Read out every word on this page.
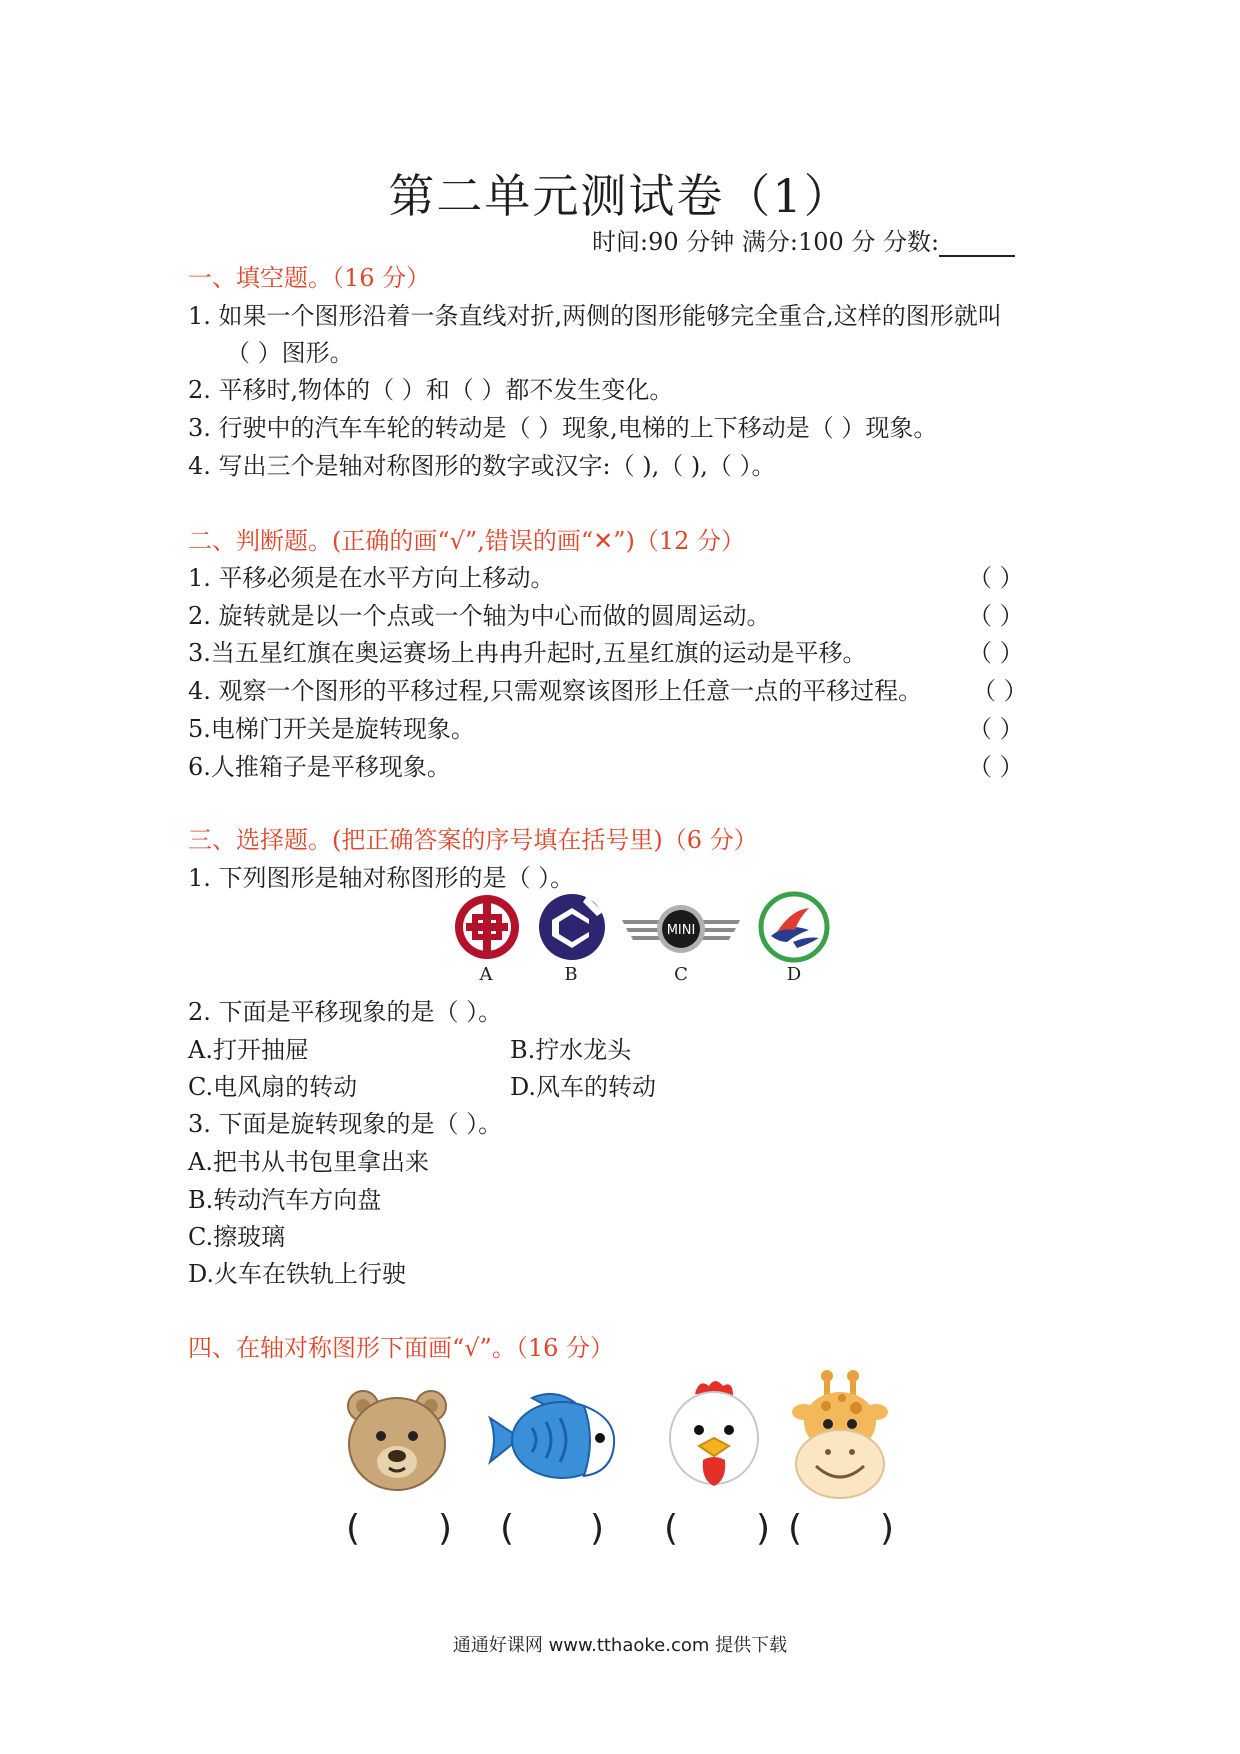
第二单元测试卷（1）
时间:90 分钟 满分:100 分 分数:
一、填空题。（16 分）
1. 如果一个图形沿着一条直线对折,两侧的图形能够完全重合,这样的图形就叫
（ ）图形。
2. 平移时,物体的（ ）和（ ）都不发生变化。
3. 行驶中的汽车车轮的转动是（ ）现象,电梯的上下移动是（ ）现象。
4. 写出三个是轴对称图形的数字或汉字:（ ),（ ),（ ）。
二、判断题。(正确的画“√”,错误的画“✕”)（12 分）
1. 平移必须是在水平方向上移动。	（ ）
2. 旋转就是以一个点或一个轴为中心而做的圆周运动。	（ ）
3.当五星红旗在奥运赛场上冉冉升起时,五星红旗的运动是平移。	（ ）
4. 观察一个图形的平移过程,只需观察该图形上任意一点的平移过程。 （ ）
5.电梯门开关是旋转现象。	（ ）
6.人推箱子是平移现象。	（ ）
三、选择题。(把正确答案的序号填在括号里)（6 分）
1. 下列图形是轴对称图形的是（ ）。
A	B
MINI
C	D
2. 下面是平移现象的是（ ）。
A.打开抽屉	B.拧水龙头
C.电风扇的转动	D.风车的转动
3. 下面是旋转现象的是（ ）。
A.把书从书包里拿出来
B.转动汽车方向盘
C.擦玻璃
D.火车在铁轨上行驶
四、在轴对称图形下面画“√”。（16 分）
( ) ( ) ( ) ( )
通通好课网 www.tthaoke.com 提供下载
